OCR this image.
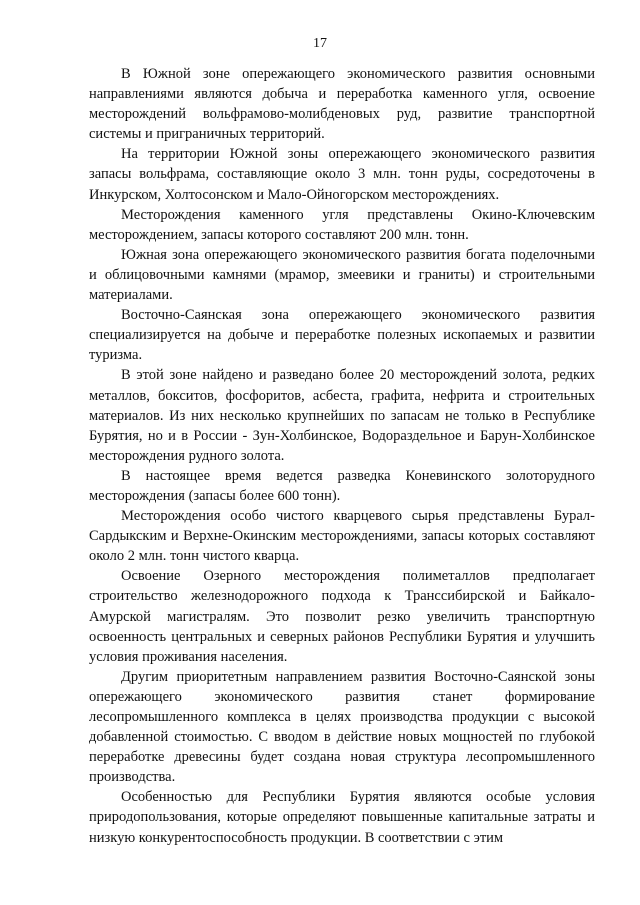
17

В Южной зоне опережающего экономического развития основными направлениями являются добыча и переработка каменного угля, освоение месторождений вольфрамово-молибденовых руд, развитие транспортной системы и приграничных территорий.

На территории Южной зоны опережающего экономического развития запасы вольфрама, составляющие около 3 млн. тонн руды, сосредоточены в Инкурском, Холтосонском и Мало-Ойногорском месторождениях.

Месторождения каменного угля представлены Окино-Ключевским месторождением, запасы которого составляют 200 млн. тонн.

Южная зона опережающего экономического развития богата поделочными и облицовочными камнями (мрамор, змеевики и граниты) и строительными материалами.

Восточно-Саянская зона опережающего экономического развития специализируется на добыче и переработке полезных ископаемых и развитии туризма.

В этой зоне найдено и разведано более 20 месторождений золота, редких металлов, бокситов, фосфоритов, асбеста, графита, нефрита и строительных материалов. Из них несколько крупнейших по запасам не только в Республике Бурятия, но и в России - Зун-Холбинское, Водораздельное и Барун-Холбинское месторождения рудного золота.

В настоящее время ведется разведка Коневинского золоторудного месторождения (запасы более 600 тонн).

Месторождения особо чистого кварцевого сырья представлены Бурал-Сардыкским и Верхне-Окинским месторождениями, запасы которых составляют около 2 млн. тонн чистого кварца.

Освоение Озерного месторождения полиметаллов предполагает строительство железнодорожного подхода к Транссибирской и Байкало-Амурской магистралям. Это позволит резко увеличить транспортную освоенность центральных и северных районов Республики Бурятия и улучшить условия проживания населения.

Другим приоритетным направлением развития Восточно-Саянской зоны опережающего экономического развития станет формирование лесопромышленного комплекса в целях производства продукции с высокой добавленной стоимостью. С вводом в действие новых мощностей по глубокой переработке древесины будет создана новая структура лесопромышленного производства.

Особенностью для Республики Бурятия являются особые условия природопользования, которые определяют повышенные капитальные затраты и низкую конкурентоспособность продукции. В соответствии с этим
